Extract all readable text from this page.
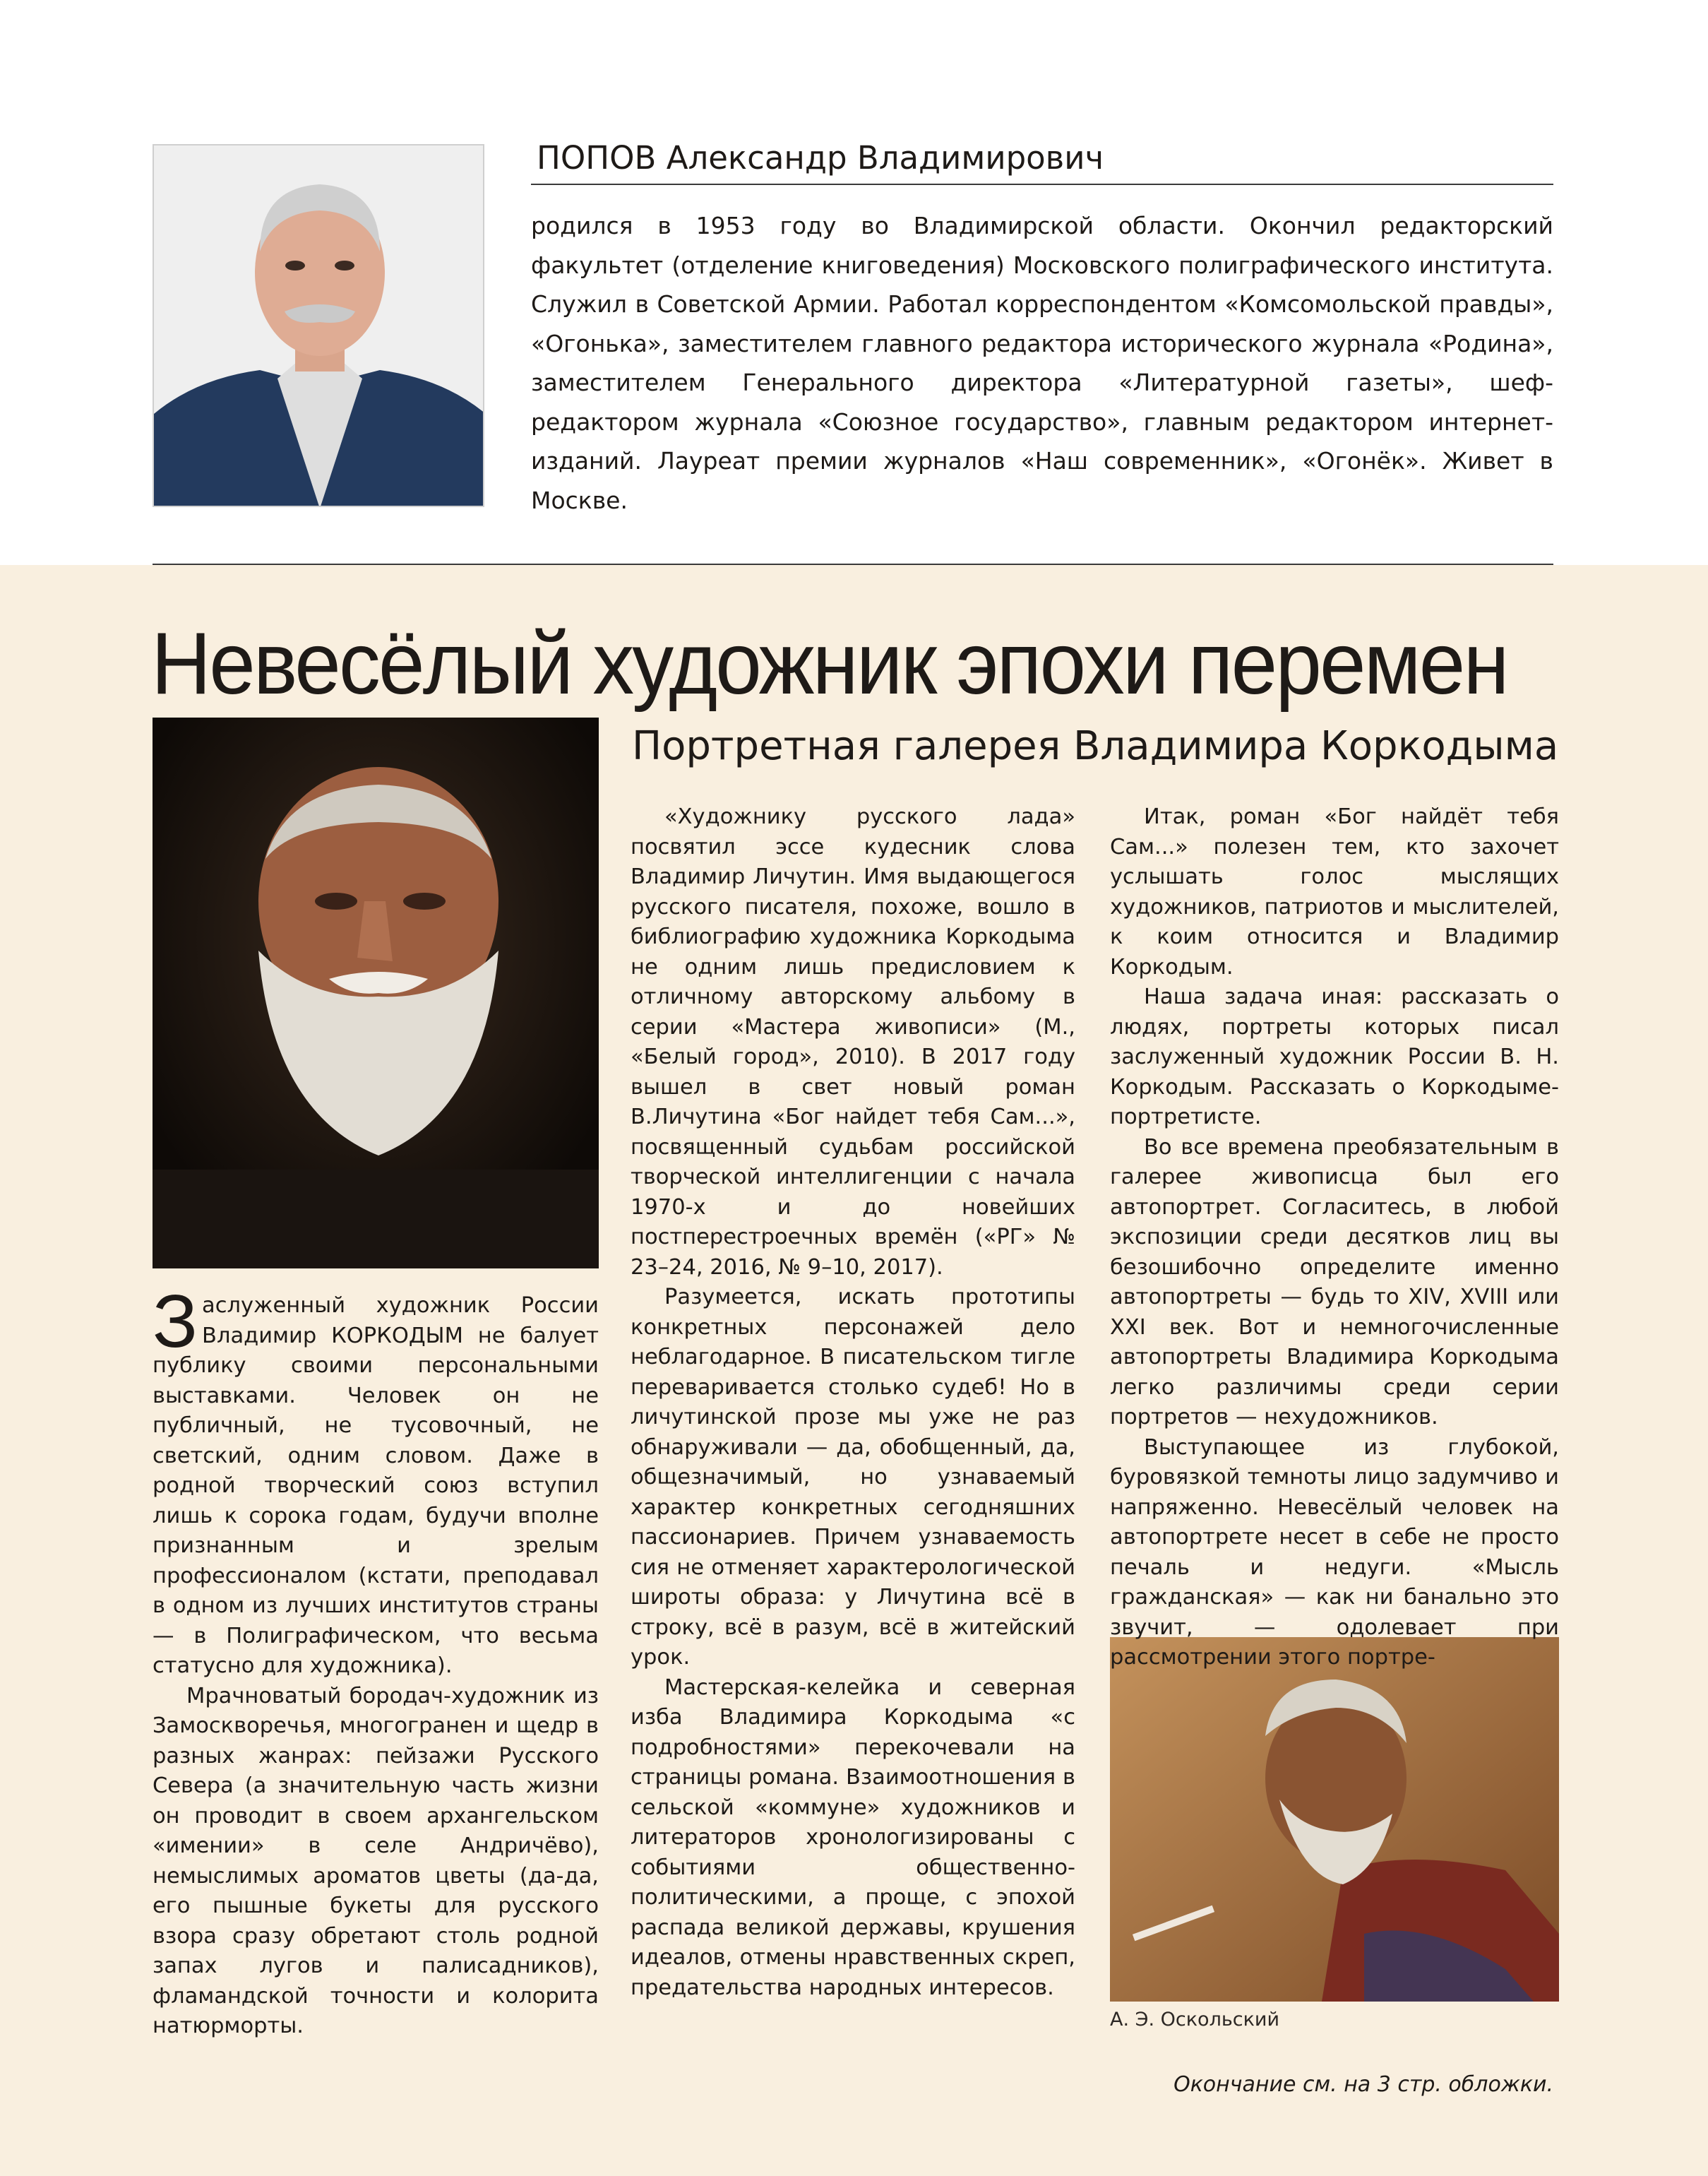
ПОПОВ Александр Владимирович
родился в 1953 году во Владимирской области. Окончил редакторский факультет (отделение книговедения) Московского полиграфического института. Служил в Советской Армии. Работал корреспондентом «Комсомольской правды», «Огонька», заместителем главного редактора исторического журнала «Родина», заместителем Генерального директора «Литературной газеты», шеф-редактором журнала «Союзное государство», главным редактором интернет-изданий. Лауреат премии журналов «Наш современник», «Огонёк». Живет в Москве.
Невесёлый художник эпохи перемен
Портретная галерея Владимира Коркодыма
А. Э. Оскольский

Заслуженный художник России Владимир КОРКОДЫМ не балует публику своими персональными выставками. Человек он не публичный, не тусовочный, не светский, одним словом. Даже в родной творческий союз вступил лишь к сорока годам, будучи вполне признанным и зрелым профессионалом (кстати, преподавал в одном из лучших институтов страны — в Полиграфическом, что весьма статусно для художника).

Мрачноватый бородач-художник из Замоскворечья, многогранен и щедр в разных жанрах: пейзажи Русского Севера (а значительную часть жизни он проводит в своем архангельском «имении» в селе Андричёво), немыслимых ароматов цветы (да-да, его пышные букеты для русского взора сразу обретают столь родной запах лугов и палисадников), фламандской точности и колорита натюрморты.

«Художнику русского лада» посвятил эссе кудесник слова Владимир Личутин. Имя выдающегося русского писателя, похоже, вошло в библиографию художника Коркодыма не одним лишь предисловием к отличному авторскому альбому в серии «Мастера живописи» (М., «Белый город», 2010). В 2017 году вышел в свет новый роман В.Личутина «Бог найдет тебя Сам...», посвященный судьбам российской творческой интеллигенции с начала 1970-х и до новейших постперестроечных времён («РГ» № 23–24, 2016, № 9–10, 2017).

Разумеется, искать прототипы конкретных персонажей дело неблагодарное. В писательском тигле переваривается столько судеб! Но в личутинской прозе мы уже не раз обнаруживали — да, обобщенный, да, общезначимый, но узнаваемый характер конкретных сегодняшних пассионариев. Причем узнаваемость сия не отменяет характерологической широты образа: у Личутина всё в строку, всё в разум, всё в житейский урок.

Мастерская-келейка и северная изба Владимира Коркодыма «с подробностями» перекочевали на страницы романа. Взаимоотношения в сельской «коммуне» художников и литераторов хронологизированы с событиями общественно-политическими, а проще, с эпохой распада великой державы, крушения идеалов, отмены нравственных скреп, предательства народных интересов.

Итак, роман «Бог найдёт тебя Сам...» полезен тем, кто захочет услышать голос мыслящих художников, патриотов и мыслителей, к коим относится и Владимир Коркодым.

Наша задача иная: рассказать о людях, портреты которых писал заслуженный художник России В. Н. Коркодым. Рассказать о Коркодыме-портретисте.

Во все времена преобязательным в галерее живописца был его автопортрет. Согласитесь, в любой экспозиции среди десятков лиц вы безошибочно определите именно автопортреты — будь то XIV, XVIII или XXI век. Вот и немногочисленные автопортреты Владимира Коркодыма легко различимы среди серии портретов — нехудожников.

Выступающее из глубокой, буровязкой темноты лицо задумчиво и напряженно. Невесёлый человек на автопортрете несет в себе не просто печаль и недуги. «Мысль гражданская» — как ни банально это звучит, — одолевает при рассмотрении этого портре-

Окончание см. на 3 стр. обложки.
